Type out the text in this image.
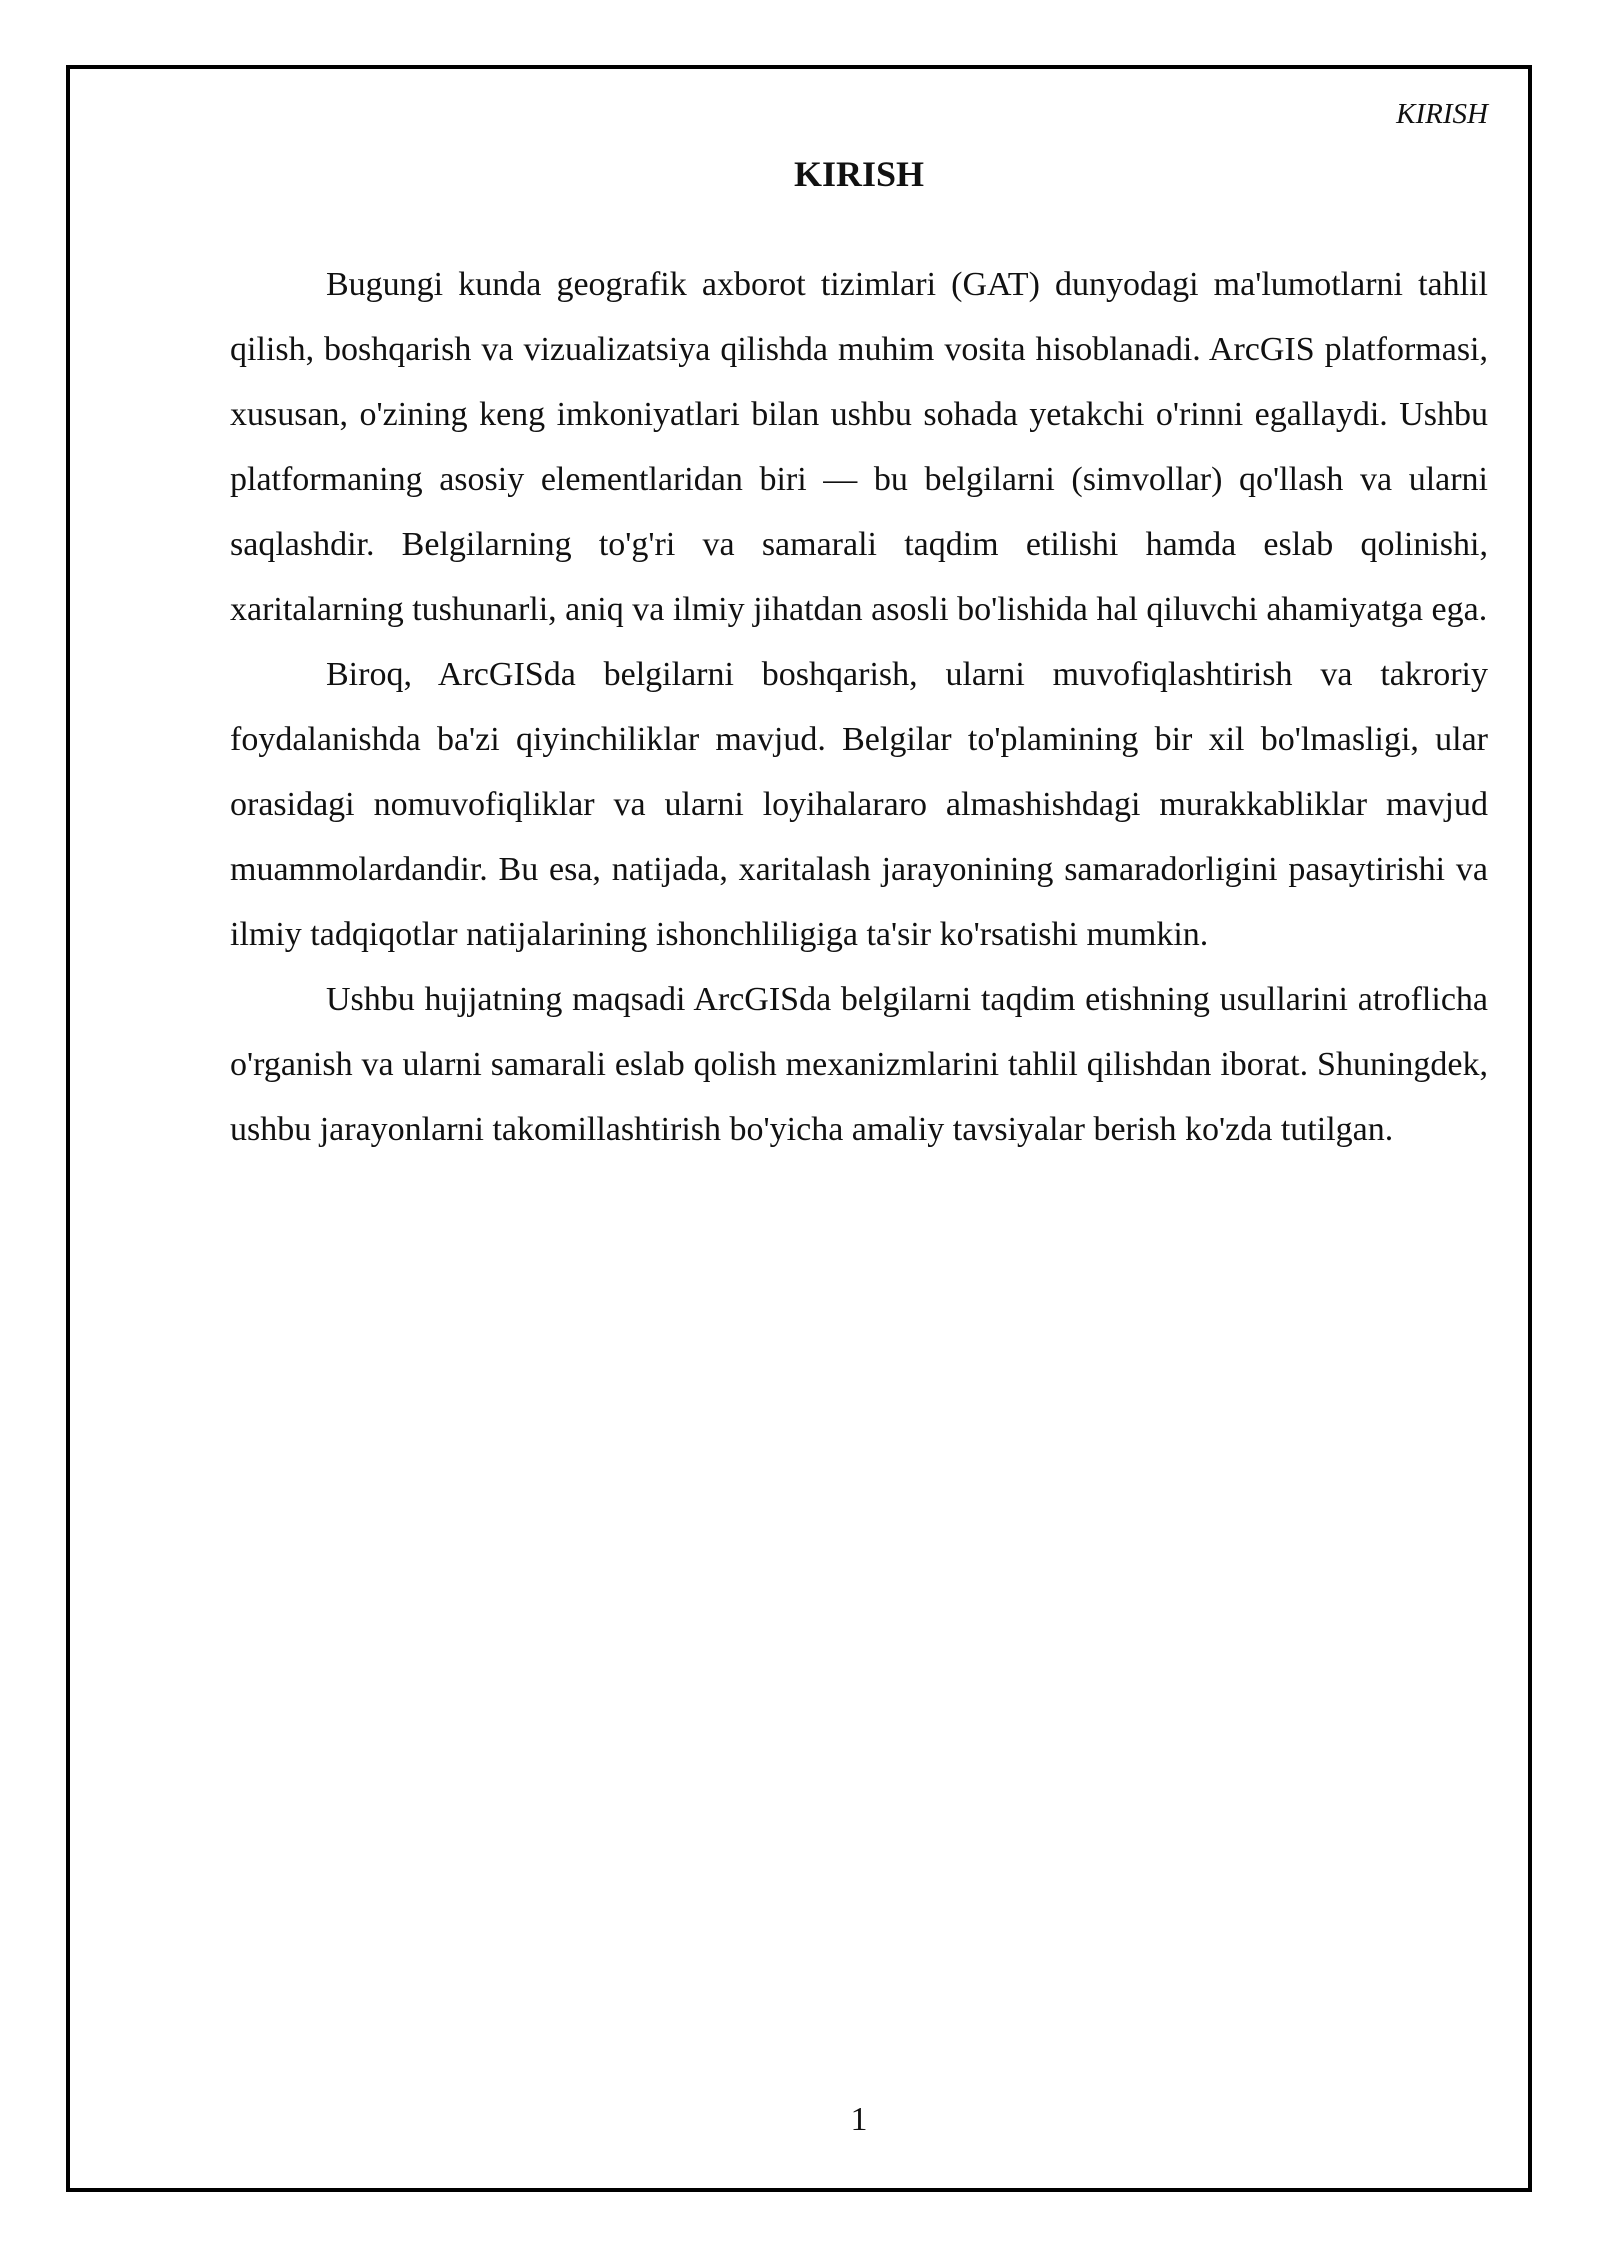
KIRISH
KIRISH

Bugungi kunda geografik axborot tizimlari (GAT) dunyodagi ma'lumotlarni tahlil qilish, boshqarish va vizualizatsiya qilishda muhim vosita hisoblanadi. ArcGIS platformasi, xususan, o'zining keng imkoniyatlari bilan ushbu sohada yetakchi o'rinni egallaydi. Ushbu platformaning asosiy elementlaridan biri — bu belgilarni (simvollar) qo'llash va ularni saqlashdir. Belgilarning to'g'ri va samarali taqdim etilishi hamda eslab qolinishi, xaritalarning tushunarli, aniq va ilmiy jihatdan asosli bo'lishida hal qiluvchi ahamiyatga ega.

Biroq, ArcGISda belgilarni boshqarish, ularni muvofiqlashtirish va takroriy foydalanishda ba'zi qiyinchiliklar mavjud. Belgilar to'plamining bir xil bo'lmasligi, ular orasidagi nomuvofiqliklar va ularni loyihalararo almashishdagi murakkabliklar mavjud muammolardandir. Bu esa, natijada, xaritalash jarayonining samaradorligini pasaytirishi va ilmiy tadqiqotlar natijalarining ishonchliligiga ta'sir ko'rsatishi mumkin.

Ushbu hujjatning maqsadi ArcGISda belgilarni taqdim etishning usullarini atroflicha o'rganish va ularni samarali eslab qolish mexanizmlarini tahlil qilishdan iborat. Shuningdek, ushbu jarayonlarni takomillashtirish bo'yicha amaliy tavsiyalar berish ko'zda tutilgan.

1
